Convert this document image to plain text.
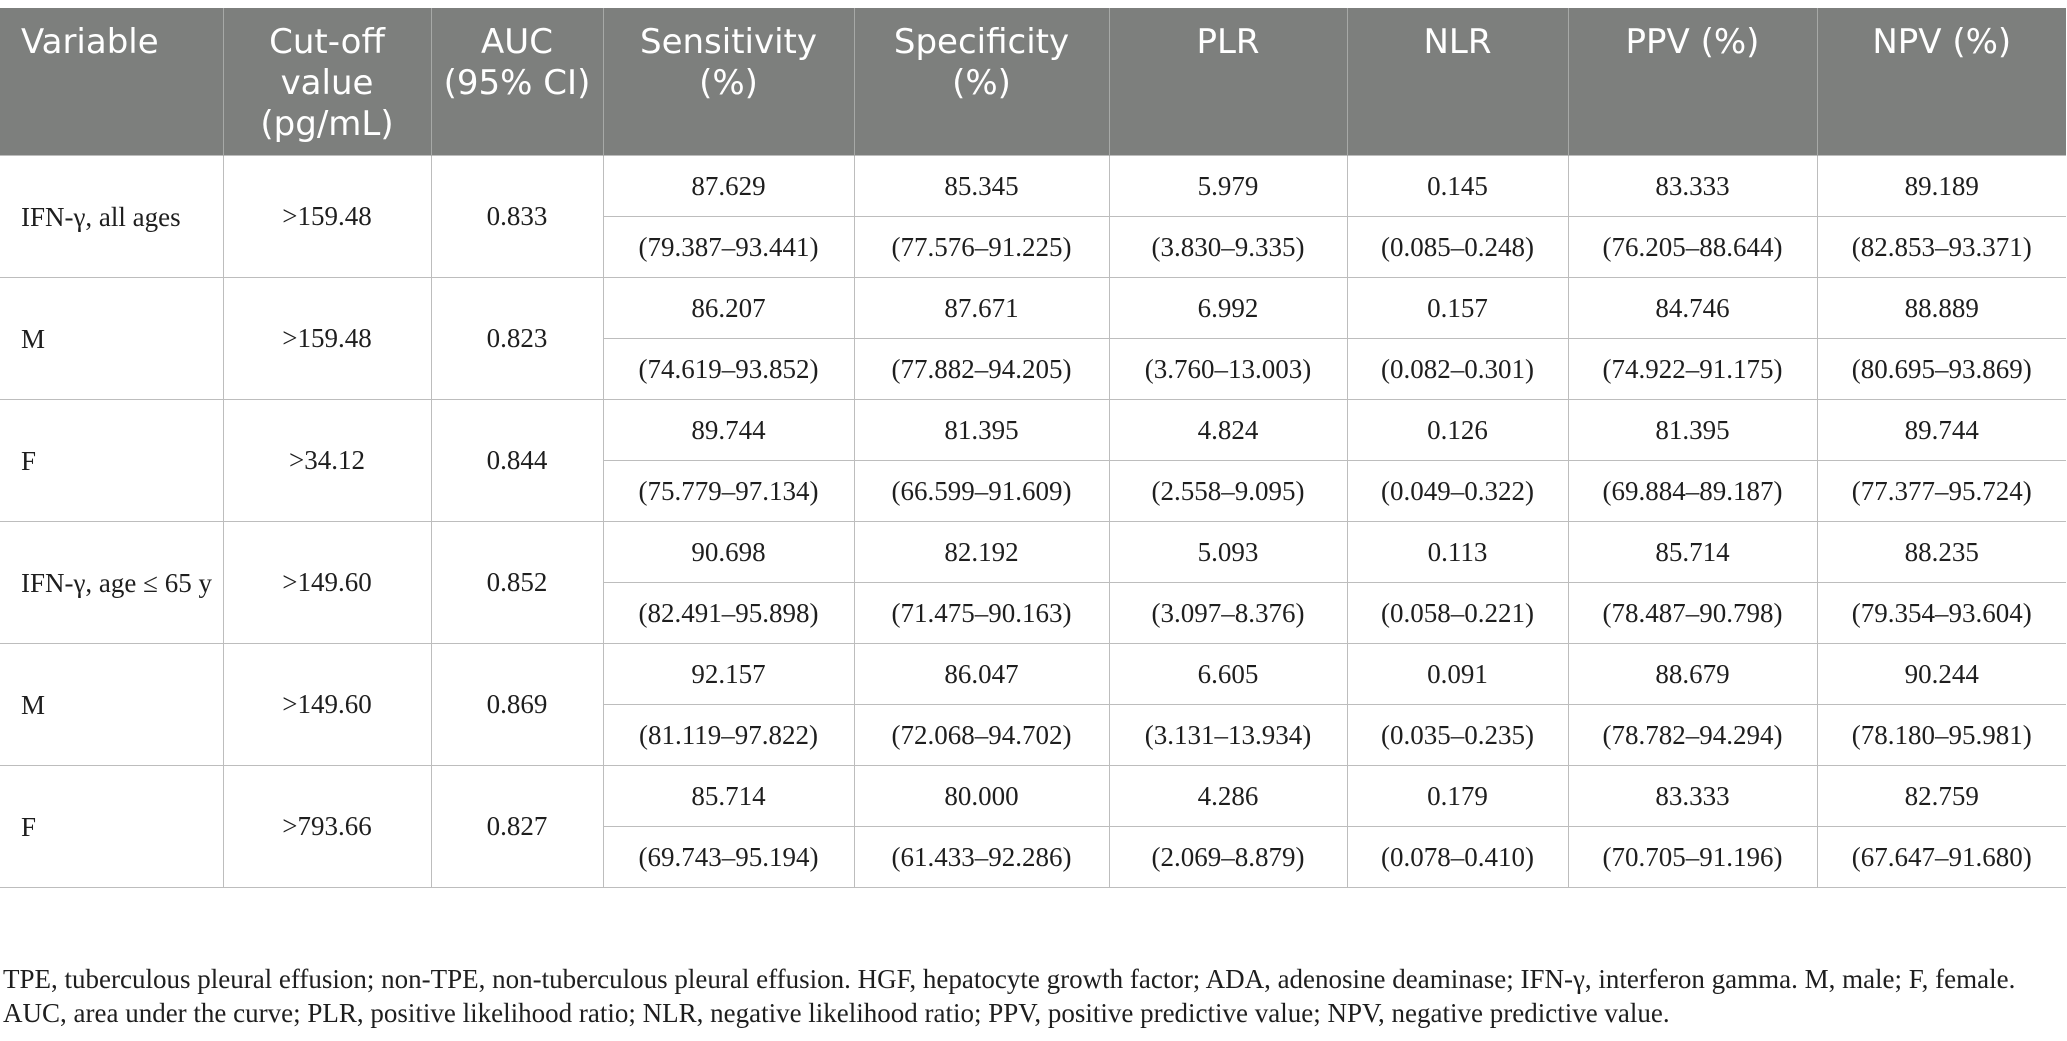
Variable	Cut-off value (pg/mL)	AUC (95% CI)	Sensitivity (%)	Specificity (%)	PLR	NLR	PPV (%)	NPV (%)
IFN-γ, all ages	>159.48	0.833	87.629	85.345	5.979	0.145	83.333	89.189
			(79.387–93.441)	(77.576–91.225)	(3.830–9.335)	(0.085–0.248)	(76.205–88.644)	(82.853–93.371)
M	>159.48	0.823	86.207	87.671	6.992	0.157	84.746	88.889
			(74.619–93.852)	(77.882–94.205)	(3.760–13.003)	(0.082–0.301)	(74.922–91.175)	(80.695–93.869)
F	>34.12	0.844	89.744	81.395	4.824	0.126	81.395	89.744
			(75.779–97.134)	(66.599–91.609)	(2.558–9.095)	(0.049–0.322)	(69.884–89.187)	(77.377–95.724)
IFN-γ, age ≤ 65 y	>149.60	0.852	90.698	82.192	5.093	0.113	85.714	88.235
			(82.491–95.898)	(71.475–90.163)	(3.097–8.376)	(0.058–0.221)	(78.487–90.798)	(79.354–93.604)
M	>149.60	0.869	92.157	86.047	6.605	0.091	88.679	90.244
			(81.119–97.822)	(72.068–94.702)	(3.131–13.934)	(0.035–0.235)	(78.782–94.294)	(78.180–95.981)
F	>793.66	0.827	85.714	80.000	4.286	0.179	83.333	82.759
			(69.743–95.194)	(61.433–92.286)	(2.069–8.879)	(0.078–0.410)	(70.705–91.196)	(67.647–91.680)
TPE, tuberculous pleural effusion; non-TPE, non-tuberculous pleural effusion. HGF, hepatocyte growth factor; ADA, adenosine deaminase; IFN-γ, interferon gamma. M, male; F, female.
AUC, area under the curve; PLR, positive likelihood ratio; NLR, negative likelihood ratio; PPV, positive predictive value; NPV, negative predictive value.
